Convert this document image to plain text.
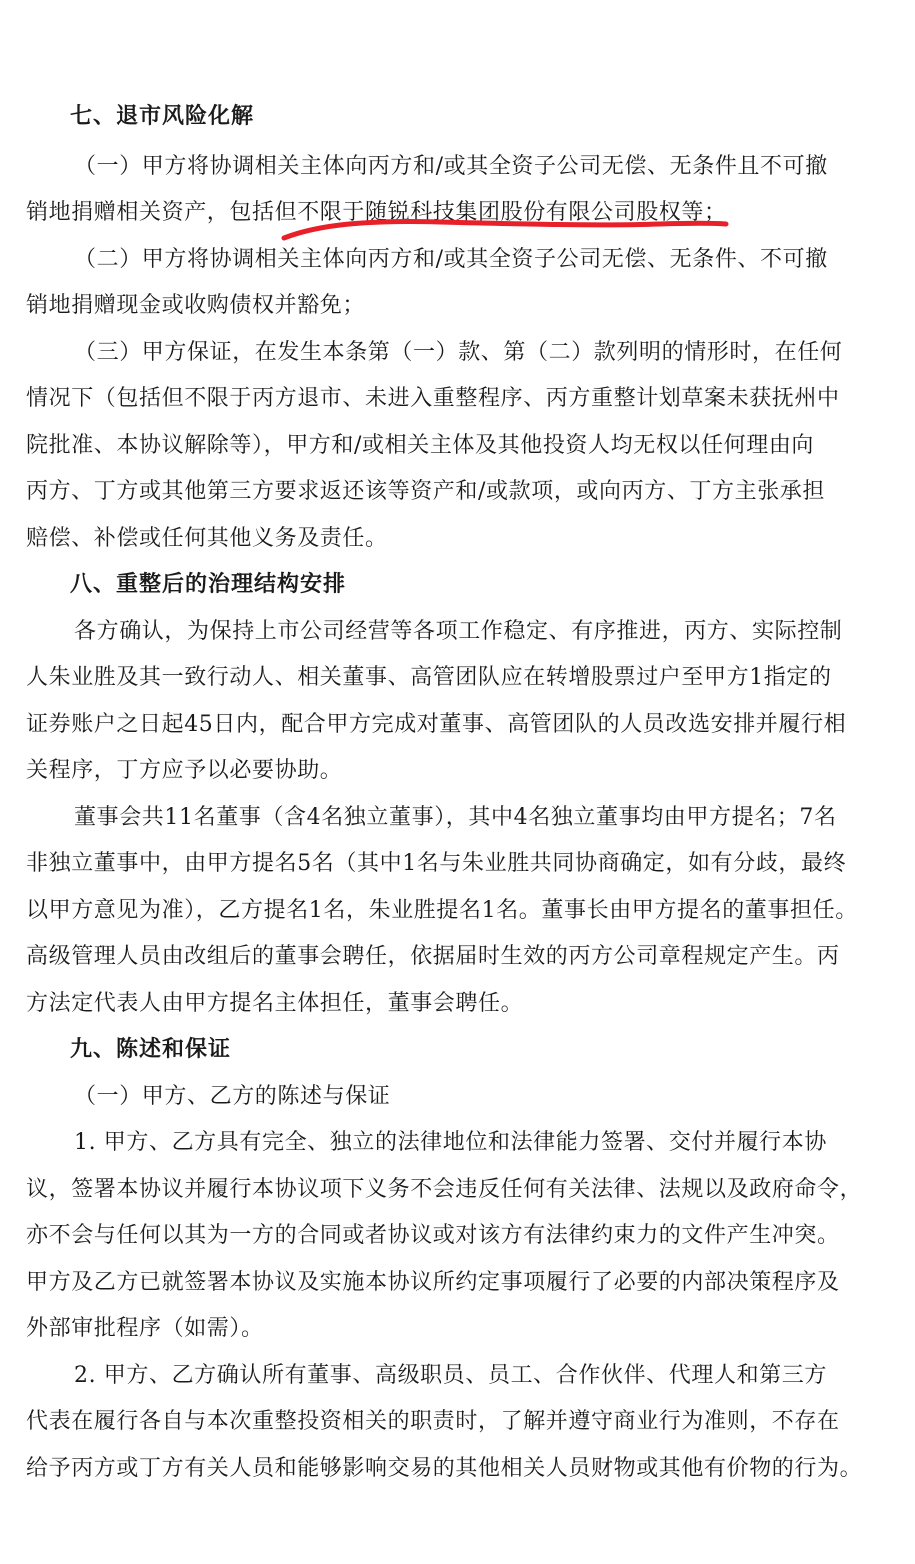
七、退市风险化解
（一）甲方将协调相关主体向丙方和/或其全资子公司无偿、无条件且不可撤
销地捐赠相关资产，包括但不限于随锐科技集团股份有限公司股权等；
（二）甲方将协调相关主体向丙方和/或其全资子公司无偿、无条件、不可撤
销地捐赠现金或收购债权并豁免；
（三）甲方保证，在发生本条第（一）款、第（二）款列明的情形时，在任何
情况下（包括但不限于丙方退市、未进入重整程序、丙方重整计划草案未获抚州中
院批准、本协议解除等），甲方和/或相关主体及其他投资人均无权以任何理由向
丙方、丁方或其他第三方要求返还该等资产和/或款项，或向丙方、丁方主张承担
赔偿、补偿或任何其他义务及责任。
八、重整后的治理结构安排
各方确认，为保持上市公司经营等各项工作稳定、有序推进，丙方、实际控制
人朱业胜及其一致行动人、相关董事、高管团队应在转增股票过户至甲方1指定的
证券账户之日起45日内，配合甲方完成对董事、高管团队的人员改选安排并履行相
关程序，丁方应予以必要协助。
董事会共11名董事（含4名独立董事），其中4名独立董事均由甲方提名；7名
非独立董事中，由甲方提名5名（其中1名与朱业胜共同协商确定，如有分歧，最终
以甲方意见为准），乙方提名1名，朱业胜提名1名。董事长由甲方提名的董事担任。
高级管理人员由改组后的董事会聘任，依据届时生效的丙方公司章程规定产生。丙
方法定代表人由甲方提名主体担任，董事会聘任。
九、陈述和保证
（一）甲方、乙方的陈述与保证
1. 甲方、乙方具有完全、独立的法律地位和法律能力签署、交付并履行本协
议，签署本协议并履行本协议项下义务不会违反任何有关法律、法规以及政府命令，
亦不会与任何以其为一方的合同或者协议或对该方有法律约束力的文件产生冲突。
甲方及乙方已就签署本协议及实施本协议所约定事项履行了必要的内部决策程序及
外部审批程序（如需）。
2. 甲方、乙方确认所有董事、高级职员、员工、合作伙伴、代理人和第三方
代表在履行各自与本次重整投资相关的职责时，了解并遵守商业行为准则，不存在
给予丙方或丁方有关人员和能够影响交易的其他相关人员财物或其他有价物的行为。
